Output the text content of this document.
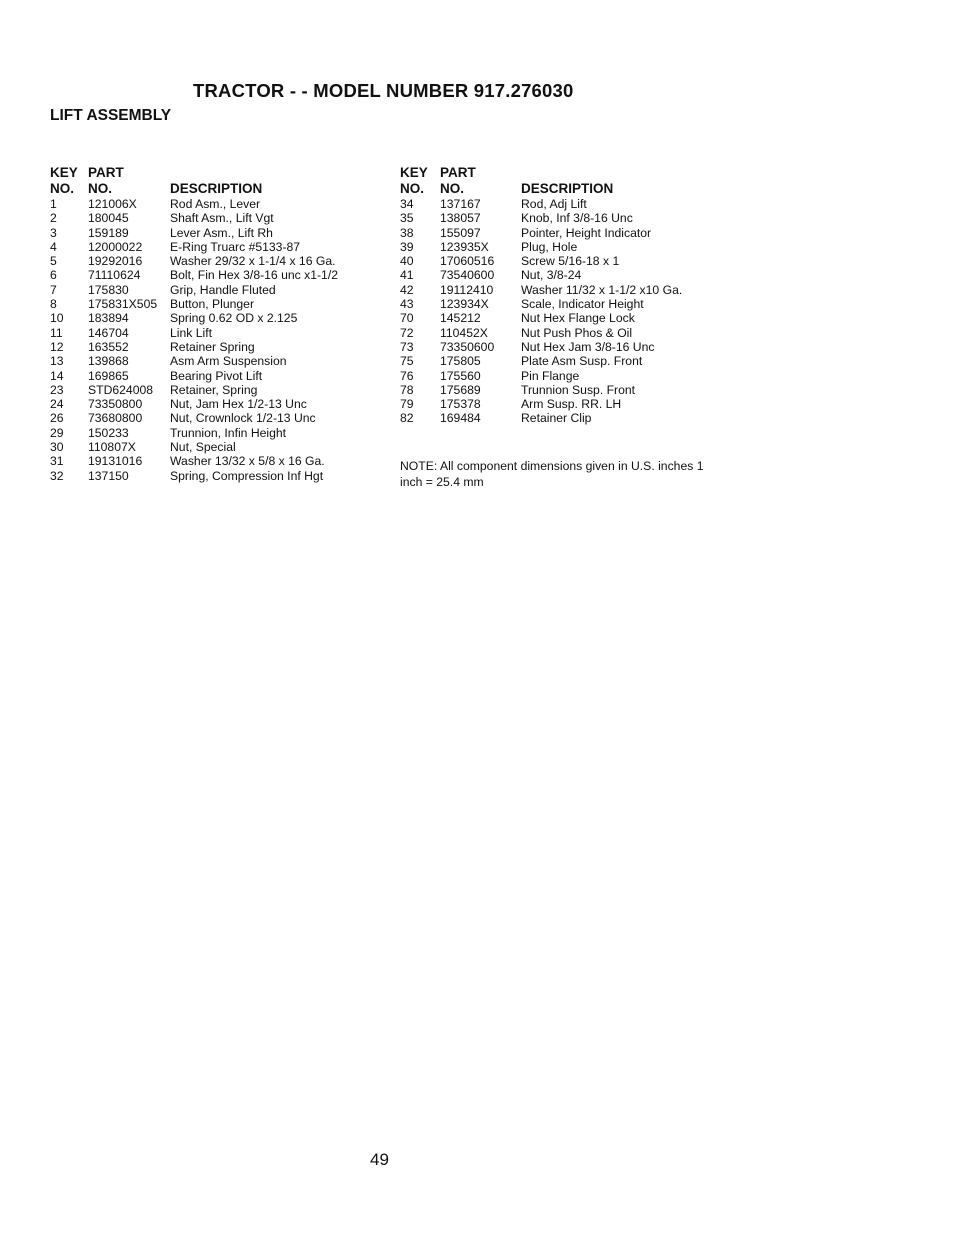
TRACTOR - - MODEL NUMBER 917.276030
LIFT ASSEMBLY
KEY
NO.
PART
NO.	DESCRIPTION
1	121006X	Rod Asm., Lever
2	180045	Shaft Asm., Lift Vgt
3	159189	Lever Asm., Lift Rh
4	12000022 E-Ring Truarc #5133-87
5	19292016 Washer 29/32 x 1-1/4 x 16 Ga.
6	71110624 Bolt, Fin Hex 3/8-16 unc x1-1/2
7	175830	Grip, Handle Fluted
8	175831X505 Button, Plunger
10 183894	Spring 0.62 OD x 2.125
11 146704	Link Lift
12 163552	Retainer Spring
13 139868	Asm Arm Suspension
14 169865	Bearing Pivot Lift
23 STD624008 Retainer, Spring
24 73350800 Nut, Jam Hex 1/2-13 Unc
26 73680800 Nut, Crownlock 1/2-13 Unc
29 150233	Trunnion, Infin Height
30 110807X	Nut, Special
31 19131016 Washer 13/32 x 5/8 x 16 Ga.
32 137150	Spring, Compression Inf Hgt
KEY
NO.
PART
NO.	DESCRIPTION
34 137167	Rod, Adj Lift
35 138057	Knob, Inf 3/8-16 Unc
38 155097	Pointer, Height Indicator
39 123935X	Plug, Hole
40 17060516 Screw 5/16-18 x 1
41 73540600 Nut, 3/8-24
42 19112410 Washer 11/32 x 1-1/2 x10 Ga.
43 123934X	Scale, Indicator Height
70 145212	Nut Hex Flange Lock
72 110452X	Nut Push Phos & Oil
73 73350600 Nut Hex Jam 3/8-16 Unc
75 175805	Plate Asm Susp. Front
76 175560	Pin Flange
78 175689	Trunnion Susp. Front
79 175378	Arm Susp. RR. LH
82 169484	Retainer Clip
NOTE: All component dimensions given in U.S. inches 1 inch = 25.4 mm
49
